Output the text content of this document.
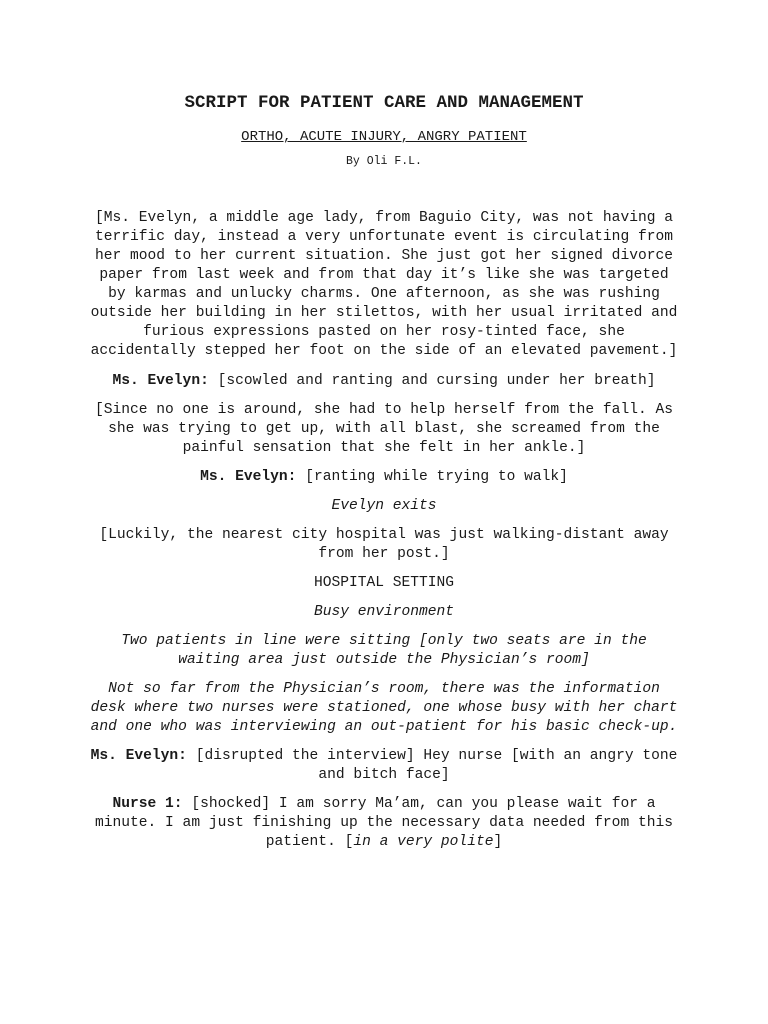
SCRIPT FOR PATIENT CARE AND MANAGEMENT
ORTHO, ACUTE INJURY, ANGRY PATIENT
By Oli F.L.

[Ms. Evelyn, a middle age lady, from Baguio City, was not having a terrific day, instead a very unfortunate event is circulating from her mood to her current situation. She just got her signed divorce paper from last week and from that day it’s like she was targeted by karmas and unlucky charms. One afternoon, as she was rushing outside her building in her stilettos, with her usual irritated and furious expressions pasted on her rosy-tinted face, she accidentally stepped her foot on the side of an elevated pavement.]

Ms. Evelyn: [scowled and ranting and cursing under her breath]

[Since no one is around, she had to help herself from the fall. As she was trying to get up, with all blast, she screamed from the painful sensation that she felt in her ankle.]

Ms. Evelyn: [ranting while trying to walk]

Evelyn exits

[Luckily, the nearest city hospital was just walking-distant away from her post.]

HOSPITAL SETTING

Busy environment

Two patients in line were sitting [only two seats are in the waiting area just outside the Physician’s room]

Not so far from the Physician’s room, there was the information desk where two nurses were stationed, one whose busy with her chart and one who was interviewing an out-patient for his basic check-up.

Ms. Evelyn: [disrupted the interview] Hey nurse [with an angry tone and bitch face]

Nurse 1: [shocked] I am sorry Ma’am, can you please wait for a minute. I am just finishing up the necessary data needed from this patient. [in a very polite]
